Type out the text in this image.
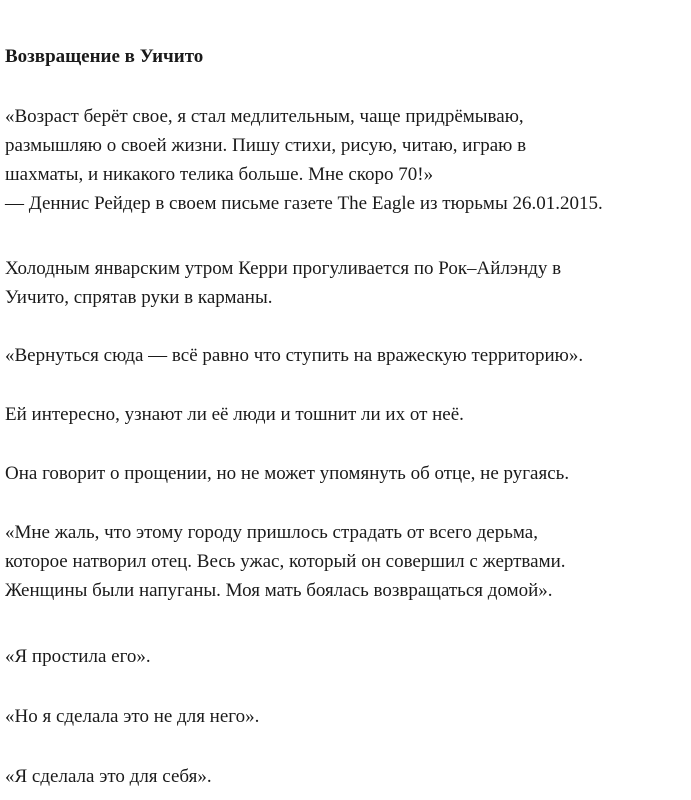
Возвращение в Уичито

«Возраст берёт свое, я стал медлительным, чаще придрёмываю,
размышляю о своей жизни. Пишу стихи, рисую, читаю, играю в
шахматы, и никакого телика больше. Мне скоро 70!»
— Деннис Рейдер в своем письме газете The Eagle из тюрьмы 26.01.2015.

Холодным январским утром Керри прогуливается по Рок–Айлэнду в
Уичито, спрятав руки в карманы.

«Вернуться сюда — всё равно что ступить на вражескую территорию».

Ей интересно, узнают ли её люди и тошнит ли их от неё.

Она говорит о прощении, но не может упомянуть об отце, не ругаясь.

«Мне жаль, что этому городу пришлось страдать от всего дерьма,
которое натворил отец. Весь ужас, который он совершил с жертвами.
Женщины были напуганы. Моя мать боялась возвращаться домой».

«Я простила его».

«Но я сделала это не для него».

«Я сделала это для себя».
